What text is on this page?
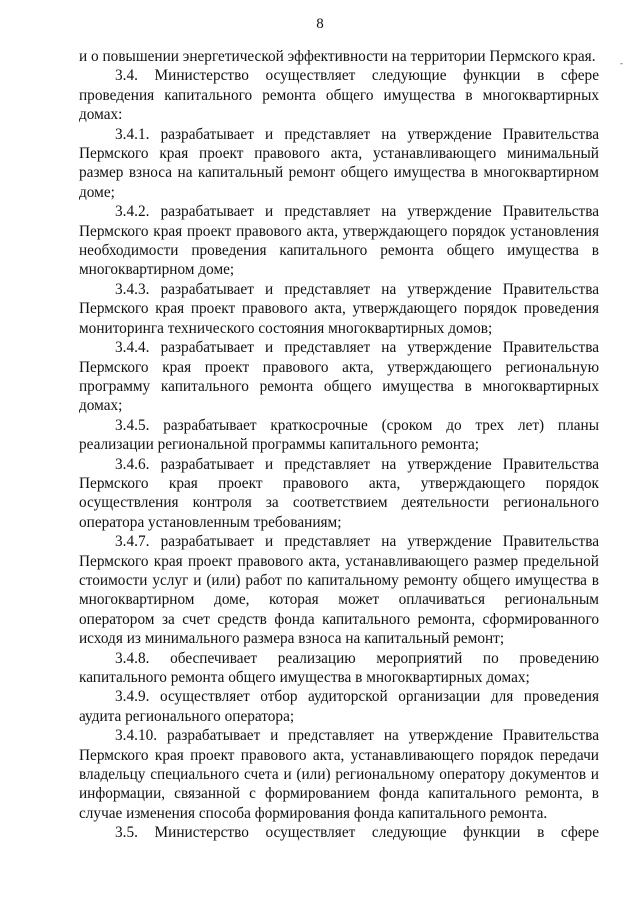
8
-

и о повышении энергетической эффективности на территории Пермского края.

3.4. Министерство осуществляет следующие функции в сфере проведения капитального ремонта общего имущества в многоквартирных домах:

3.4.1. разрабатывает и представляет на утверждение Правительства Пермского края проект правового акта, устанавливающего минимальный размер взноса на капитальный ремонт общего имущества в многоквартирном доме;

3.4.2. разрабатывает и представляет на утверждение Правительства Пермского края проект правового акта, утверждающего порядок установления необходимости проведения капитального ремонта общего имущества в многоквартирном доме;

3.4.3. разрабатывает и представляет на утверждение Правительства Пермского края проект правового акта, утверждающего порядок проведения мониторинга технического состояния многоквартирных домов;

3.4.4. разрабатывает и представляет на утверждение Правительства Пермского края проект правового акта, утверждающего региональную программу капитального ремонта общего имущества в многоквартирных домах;

3.4.5. разрабатывает краткосрочные (сроком до трех лет) планы реализации региональной программы капитального ремонта;

3.4.6. разрабатывает и представляет на утверждение Правительства Пермского края проект правового акта, утверждающего порядок осуществления контроля за соответствием деятельности регионального оператора установленным требованиям;

3.4.7. разрабатывает и представляет на утверждение Правительства Пермского края проект правового акта, устанавливающего размер предельной стоимости услуг и (или) работ по капитальному ремонту общего имущества в многоквартирном доме, которая может оплачиваться региональным оператором за счет средств фонда капитального ремонта, сформированного исходя из минимального размера взноса на капитальный ремонт;

3.4.8. обеспечивает реализацию мероприятий по проведению капитального ремонта общего имущества в многоквартирных домах;

3.4.9. осуществляет отбор аудиторской организации для проведения аудита регионального оператора;

3.4.10. разрабатывает и представляет на утверждение Правительства Пермского края проект правового акта, устанавливающего порядок передачи владельцу специального счета и (или) региональному оператору документов и информации, связанной с формированием фонда капитального ремонта, в случае изменения способа формирования фонда капитального ремонта.

3.5. Министерство осуществляет следующие функции в сфере
